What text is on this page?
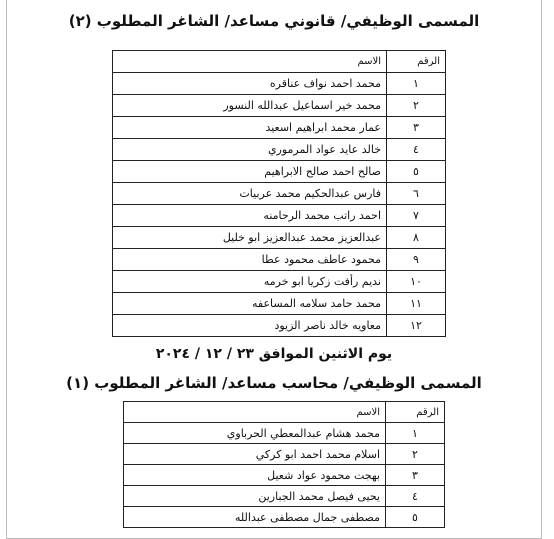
المسمى الوظيفي/ قانوني مساعد/ الشاغر المطلوب (٢)
الرقم	الاسم
١	محمد احمد نواف عناقره
٢	محمد خير اسماعيل عبدالله النسور
٣	عمار محمد ابراهيم اسعيد
٤	خالد عايد عواد المرموري
٥	صالح احمد صالح الابراهيم
٦	فارس عبدالحكيم محمد عربيات
٧	احمد راتب محمد الرحامنه
٨	عبدالعزيز محمد عبدالعزيز ابو خليل
٩	محمود عاطف محمود عطا
١٠	نديم رأفت زكريا ابو خرمه
١١	محمد حامد سلامه المساعفه
١٢	معاويه خالد ناصر الزيود
يوم الاثنين الموافق ٢٣ / ١٢ / ٢٠٢٤
المسمى الوظيفي/ محاسب مساعد/ الشاغر المطلوب (١)
الرقم	الاسم
١	محمد هشام عبدالمعطي الحرباوي
٢	اسلام محمد احمد ابو كركي
٣	بهجت محمود عواد شعيل
٤	يحيى فيصل محمد الجبارين
٥	مصطفى جمال مصطفى عبدالله
